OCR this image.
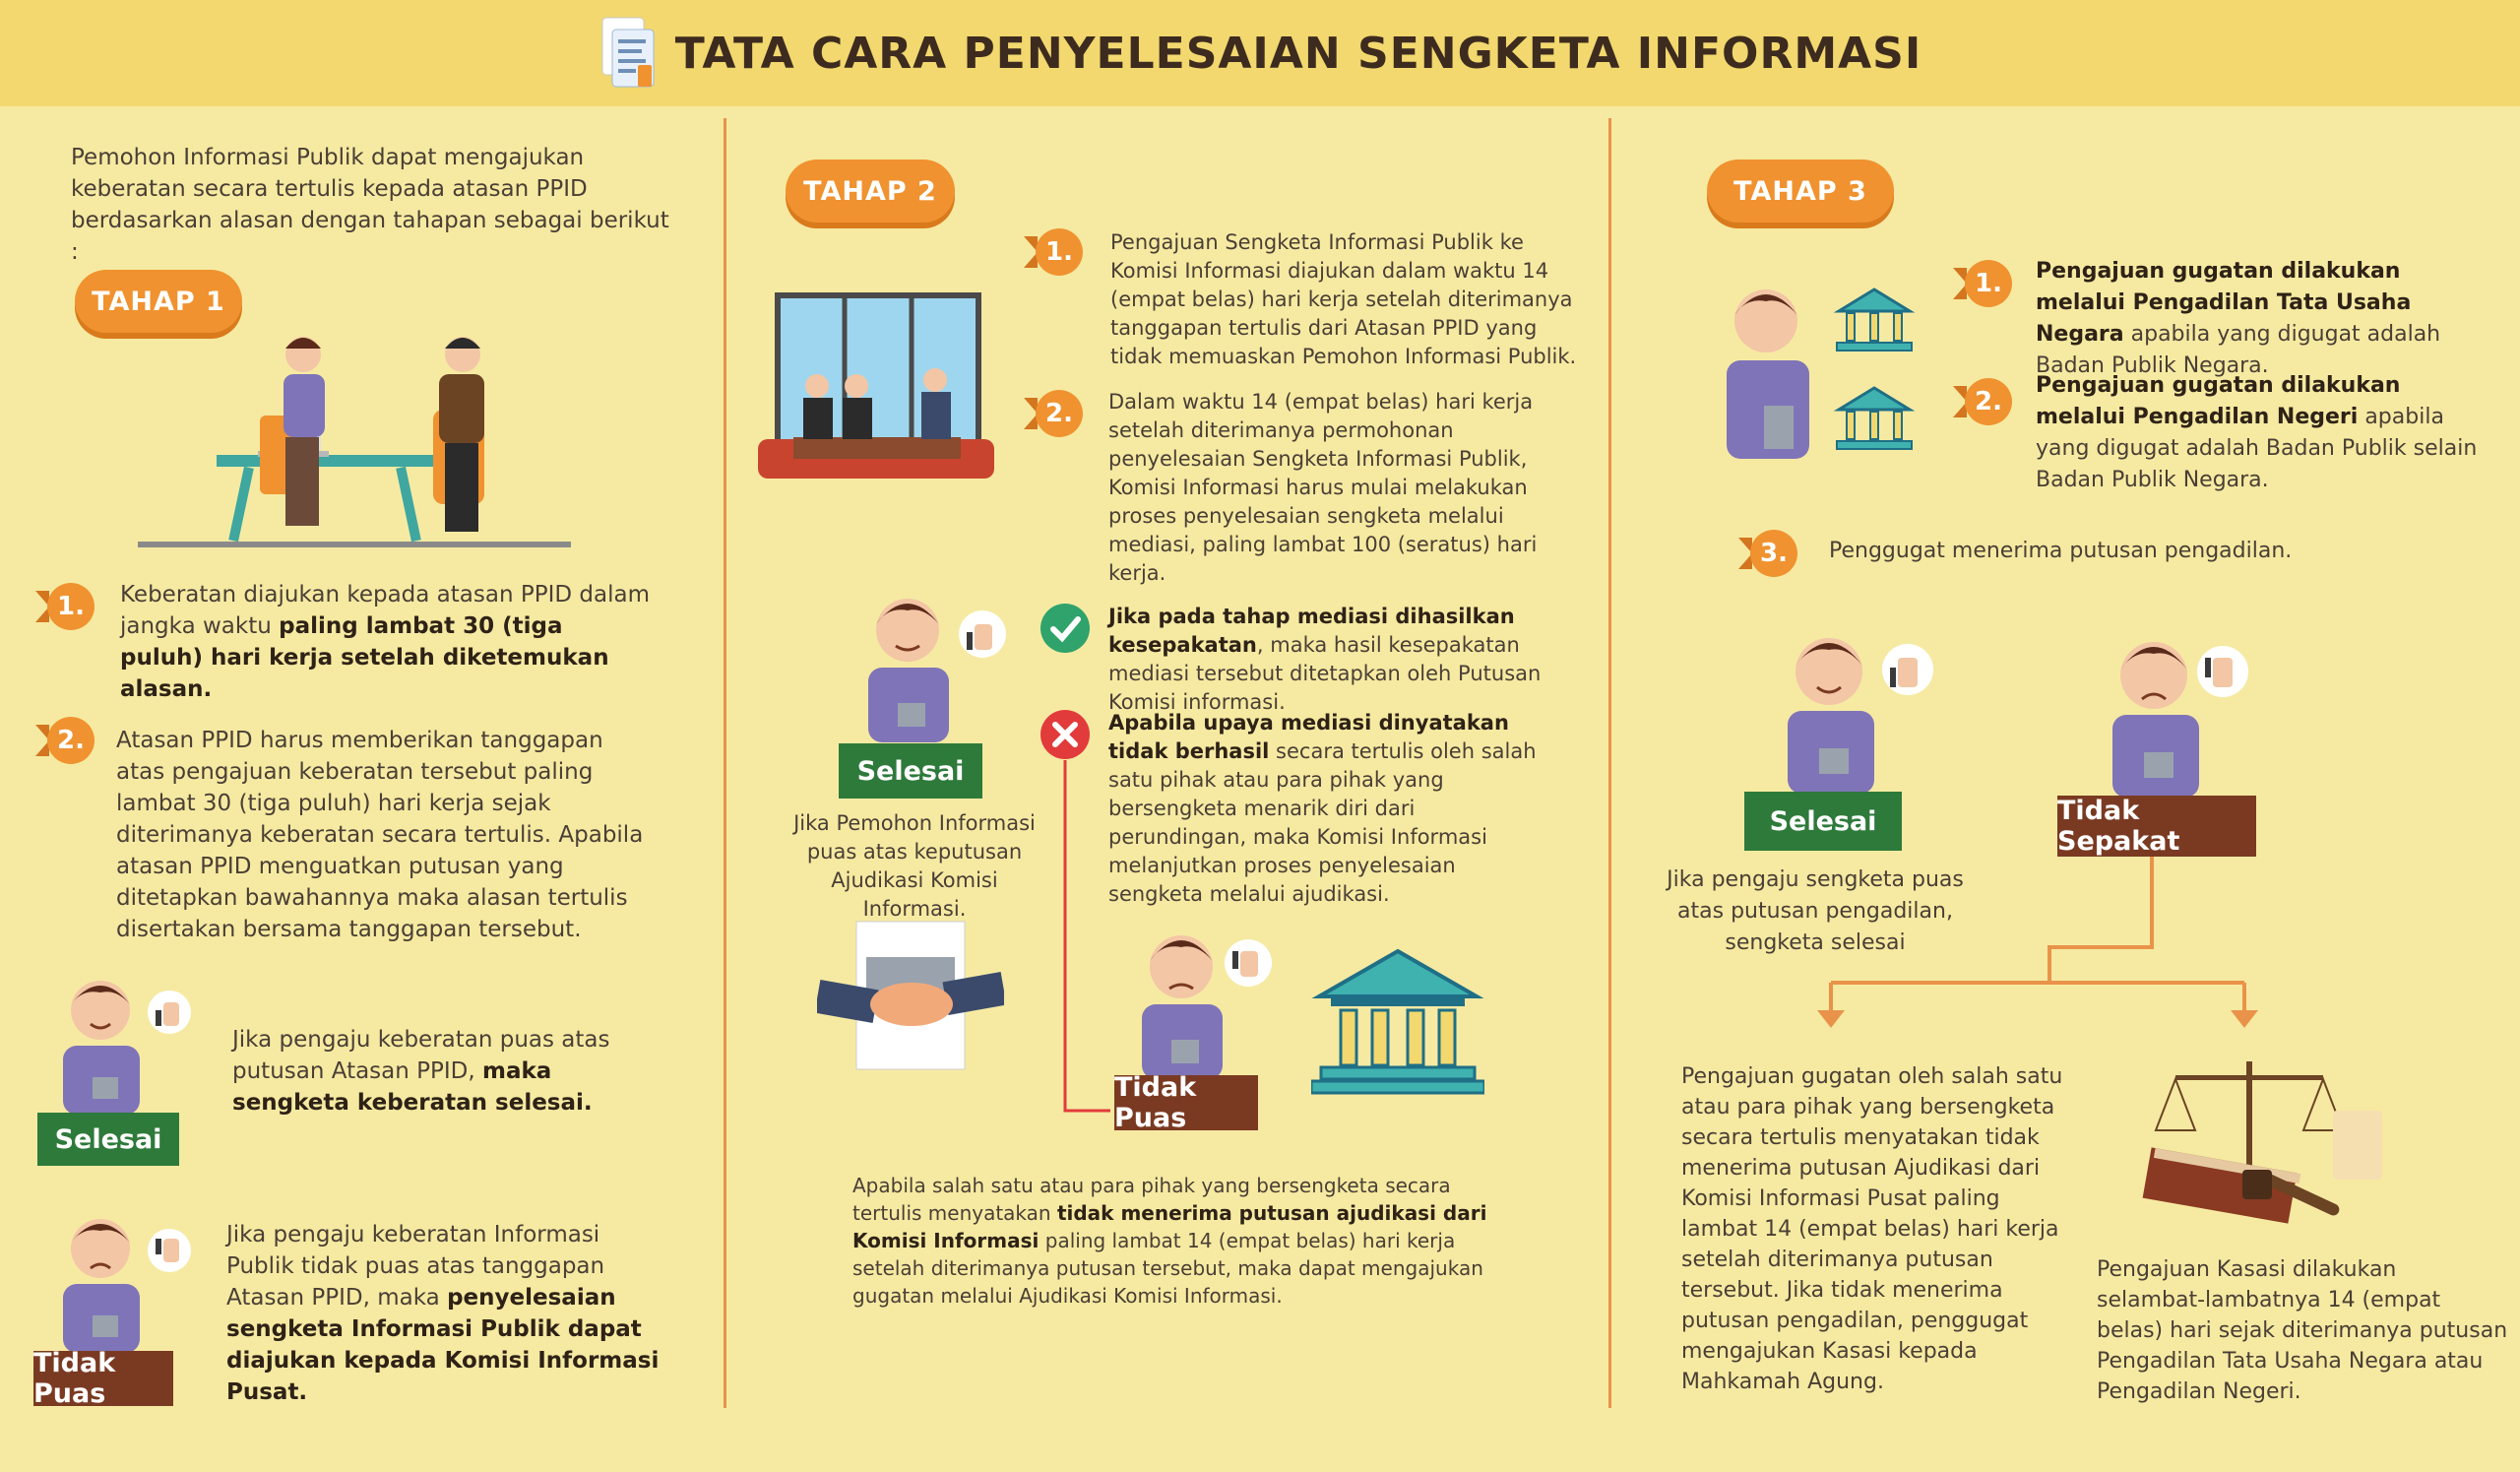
TATA CARA PENYELESAIAN SENGKETA INFORMASI
Pemohon Informasi Publik dapat mengajukan keberatan secara tertulis kepada atasan PPID berdasarkan alasan dengan tahapan sebagai berikut :
TAHAP 1
1.	Keberatan diajukan kepada atasan PPID dalam jangka waktu paling lambat 30 (tiga puluh) hari kerja setelah diketemukan alasan.
2.	Atasan PPID harus memberikan tanggapan atas pengajuan keberatan tersebut paling lambat 30 (tiga puluh) hari kerja sejak diterimanya keberatan secara tertulis. Apabila atasan PPID menguatkan putusan yang ditetapkan bawahannya maka alasan tertulis disertakan bersama tanggapan tersebut.
Selesai
Jika pengaju keberatan puas atas putusan Atasan PPID, maka sengketa keberatan selesai.
Tidak Puas
Jika pengaju keberatan Informasi Publik tidak puas atas tanggapan Atasan PPID, maka penyelesaian sengketa Informasi Publik dapat diajukan kepada Komisi Informasi Pusat.
TAHAP 2
1.	Pengajuan Sengketa Informasi Publik ke Komisi Informasi diajukan dalam waktu 14 (empat belas) hari kerja setelah diterimanya tanggapan tertulis dari Atasan PPID yang tidak memuaskan Pemohon Informasi Publik.
2.	Dalam waktu 14 (empat belas) hari kerja setelah diterimanya permohonan penyelesaian Sengketa Informasi Publik, Komisi Informasi harus mulai melakukan proses penyelesaian sengketa melalui mediasi, paling lambat 100 (seratus) hari kerja.
Selesai
Jika Pemohon Informasi puas atas keputusan Ajudikasi Komisi Informasi.
Jika pada tahap mediasi dihasilkan kesepakatan, maka hasil kesepakatan mediasi tersebut ditetapkan oleh Putusan Komisi informasi.
Apabila upaya mediasi dinyatakan tidak berhasil secara tertulis oleh salah satu pihak atau para pihak yang bersengketa menarik diri dari perundingan, maka Komisi Informasi melanjutkan proses penyelesaian sengketa melalui ajudikasi.
Tidak Puas
Apabila salah satu atau para pihak yang bersengketa secara tertulis menyatakan tidak menerima putusan ajudikasi dari Komisi Informasi paling lambat 14 (empat belas) hari kerja setelah diterimanya putusan tersebut, maka dapat mengajukan gugatan melalui Ajudikasi Komisi Informasi.
TAHAP 3
1.	Pengajuan gugatan dilakukan melalui Pengadilan Tata Usaha Negara apabila yang digugat adalah Badan Publik Negara.
2.
Pengajuan gugatan dilakukan melalui Pengadilan Negeri apabila yang digugat adalah Badan Publik selain Badan Publik Negara.
3.	Penggugat menerima putusan pengadilan.
Selesai
Jika pengaju sengketa puas atas putusan pengadilan, sengketa selesai
Tidak Sepakat
Pengajuan gugatan oleh salah satu atau para pihak yang bersengketa secara tertulis menyatakan tidak menerima putusan Ajudikasi dari Komisi Informasi Pusat paling lambat 14 (empat belas) hari kerja setelah diterimanya putusan tersebut. Jika tidak menerima putusan pengadilan, penggugat mengajukan Kasasi kepada Mahkamah Agung.
Pengajuan Kasasi dilakukan selambat-lambatnya 14 (empat belas) hari sejak diterimanya putusan Pengadilan Tata Usaha Negara atau Pengadilan Negeri.
